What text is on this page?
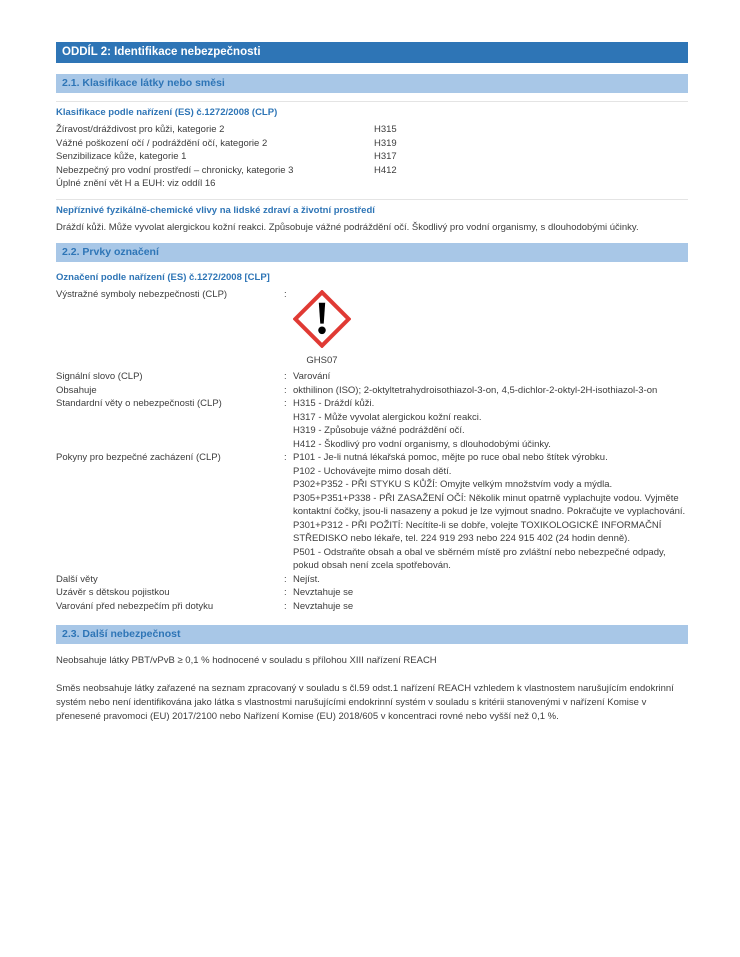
ODDÍL 2: Identifikace nebezpečnosti
2.1. Klasifikace látky nebo směsi
Klasifikace podle nařízení (ES) č.1272/2008 (CLP)
Žíravost/dráždivost pro kůži, kategorie 2	H315
Vážné poškození očí / podráždění očí, kategorie 2	H319
Senzibilizace kůže, kategorie 1	H317
Nebezpečný pro vodní prostředí – chronicky, kategorie 3	H412
Úplné znění vět H a EUH: viz oddíl 16
Nepříznivé fyzikálně-chemické vlivy na lidské zdraví a životní prostředí
Dráždí kůži. Může vyvolat alergickou kožní reakci. Způsobuje vážné podráždění očí. Škodlivý pro vodní organismy, s dlouhodobými účinky.
2.2. Prvky označení
Označení podle nařízení (ES) č.1272/2008 [CLP]
Výstražné symboly nebezpečnosti (CLP)
:
GHS07
Signální slovo (CLP) :	Varování
Obsahuje :	okthilinon (ISO); 2-oktyltetrahydroisothiazol-3-on, 4,5-dichlor-2-oktyl-2H-isothiazol-3-on
Standardní věty o nebezpečnosti (CLP) :	H315 - Dráždí kůži.
H317 - Může vyvolat alergickou kožní reakci.
H319 - Způsobuje vážné podráždění očí.
H412 - Škodlivý pro vodní organismy, s dlouhodobými účinky.
Pokyny pro bezpečné zacházení (CLP) :	P101 - Je-li nutná lékařská pomoc, mějte po ruce obal nebo štítek výrobku.
P102 - Uchovávejte mimo dosah dětí.
P302+P352 - PŘI STYKU S KŮŽÍ: Omyjte velkým množstvím vody a mýdla.
P305+P351+P338 - PŘI ZASAŽENÍ OČÍ: Několik minut opatrně vyplachujte vodou. Vyjměte kontaktní čočky, jsou-li nasazeny a pokud je lze vyjmout snadno. Pokračujte ve vyplachování.
P301+P312 - PŘI POŽITÍ: Necítíte-li se dobře, volejte TOXIKOLOGICKÉ INFORMAČNÍ STŘEDISKO nebo lékaře, tel. 224 919 293 nebo 224 915 402 (24 hodin denně).
P501 - Odstraňte obsah a obal ve sběrném místě pro zvláštní nebo nebezpečné odpady, pokud obsah není zcela spotřebován.
Další věty :	Nejíst.
Uzávěr s dětskou pojistkou :	Nevztahuje se
Varování před nebezpečím při dotyku :	Nevztahuje se
2.3. Další nebezpečnost
Neobsahuje látky PBT/vPvB ≥ 0,1 % hodnocené v souladu s přílohou XIII nařízení REACH
Směs neobsahuje látky zařazené na seznam zpracovaný v souladu s čl.59 odst.1 nařízení REACH vzhledem k vlastnostem narušujícím endokrinní systém nebo není identifikována jako látka s vlastnostmi narušujícími endokrinní systém v souladu s kritérii stanovenými v nařízení Komise v přenesené pravomoci (EU) 2017/2100 nebo Nařízení Komise (EU) 2018/605 v koncentraci rovné nebo vyšší než 0,1 %.
